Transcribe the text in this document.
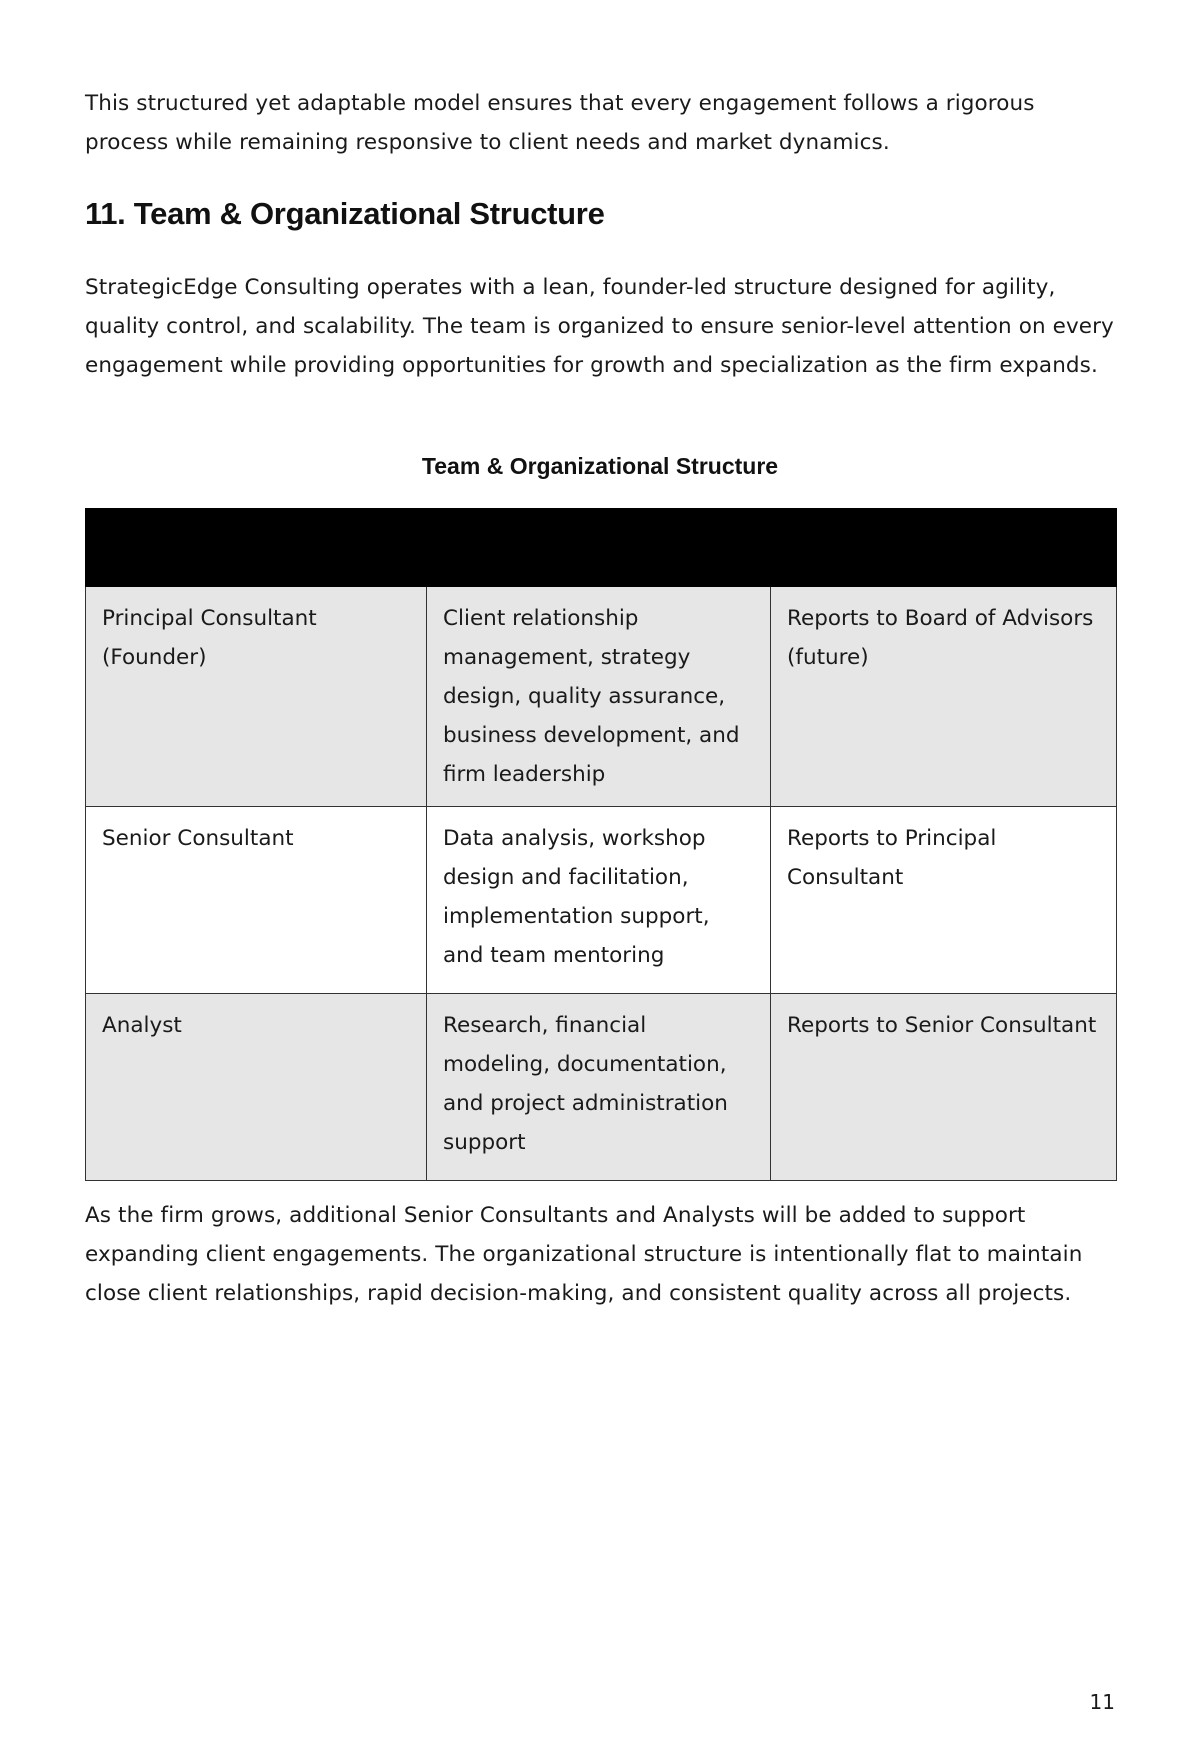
This structured yet adaptable model ensures that every engagement follows a rigorous process while remaining responsive to client needs and market dynamics.

11. Team & Organizational Structure

StrategicEdge Consulting operates with a lean, founder-led structure designed for agility, quality control, and scalability. The team is organized to ensure senior-level attention on every engagement while providing opportunities for growth and specialization as the firm expands.

Team & Organizational Structure

Principal Consultant (Founder)	Client relationship management, strategy design, quality assurance, business development, and firm leadership	Reports to Board of Advisors (future)
Senior Consultant	Data analysis, workshop design and facilitation, implementation support, and team mentoring	Reports to Principal Consultant
Analyst	Research, financial modeling, documentation, and project administration support	Reports to Senior Consultant

As the firm grows, additional Senior Consultants and Analysts will be added to support expanding client engagements. The organizational structure is intentionally flat to maintain close client relationships, rapid decision-making, and consistent quality across all projects.

11
